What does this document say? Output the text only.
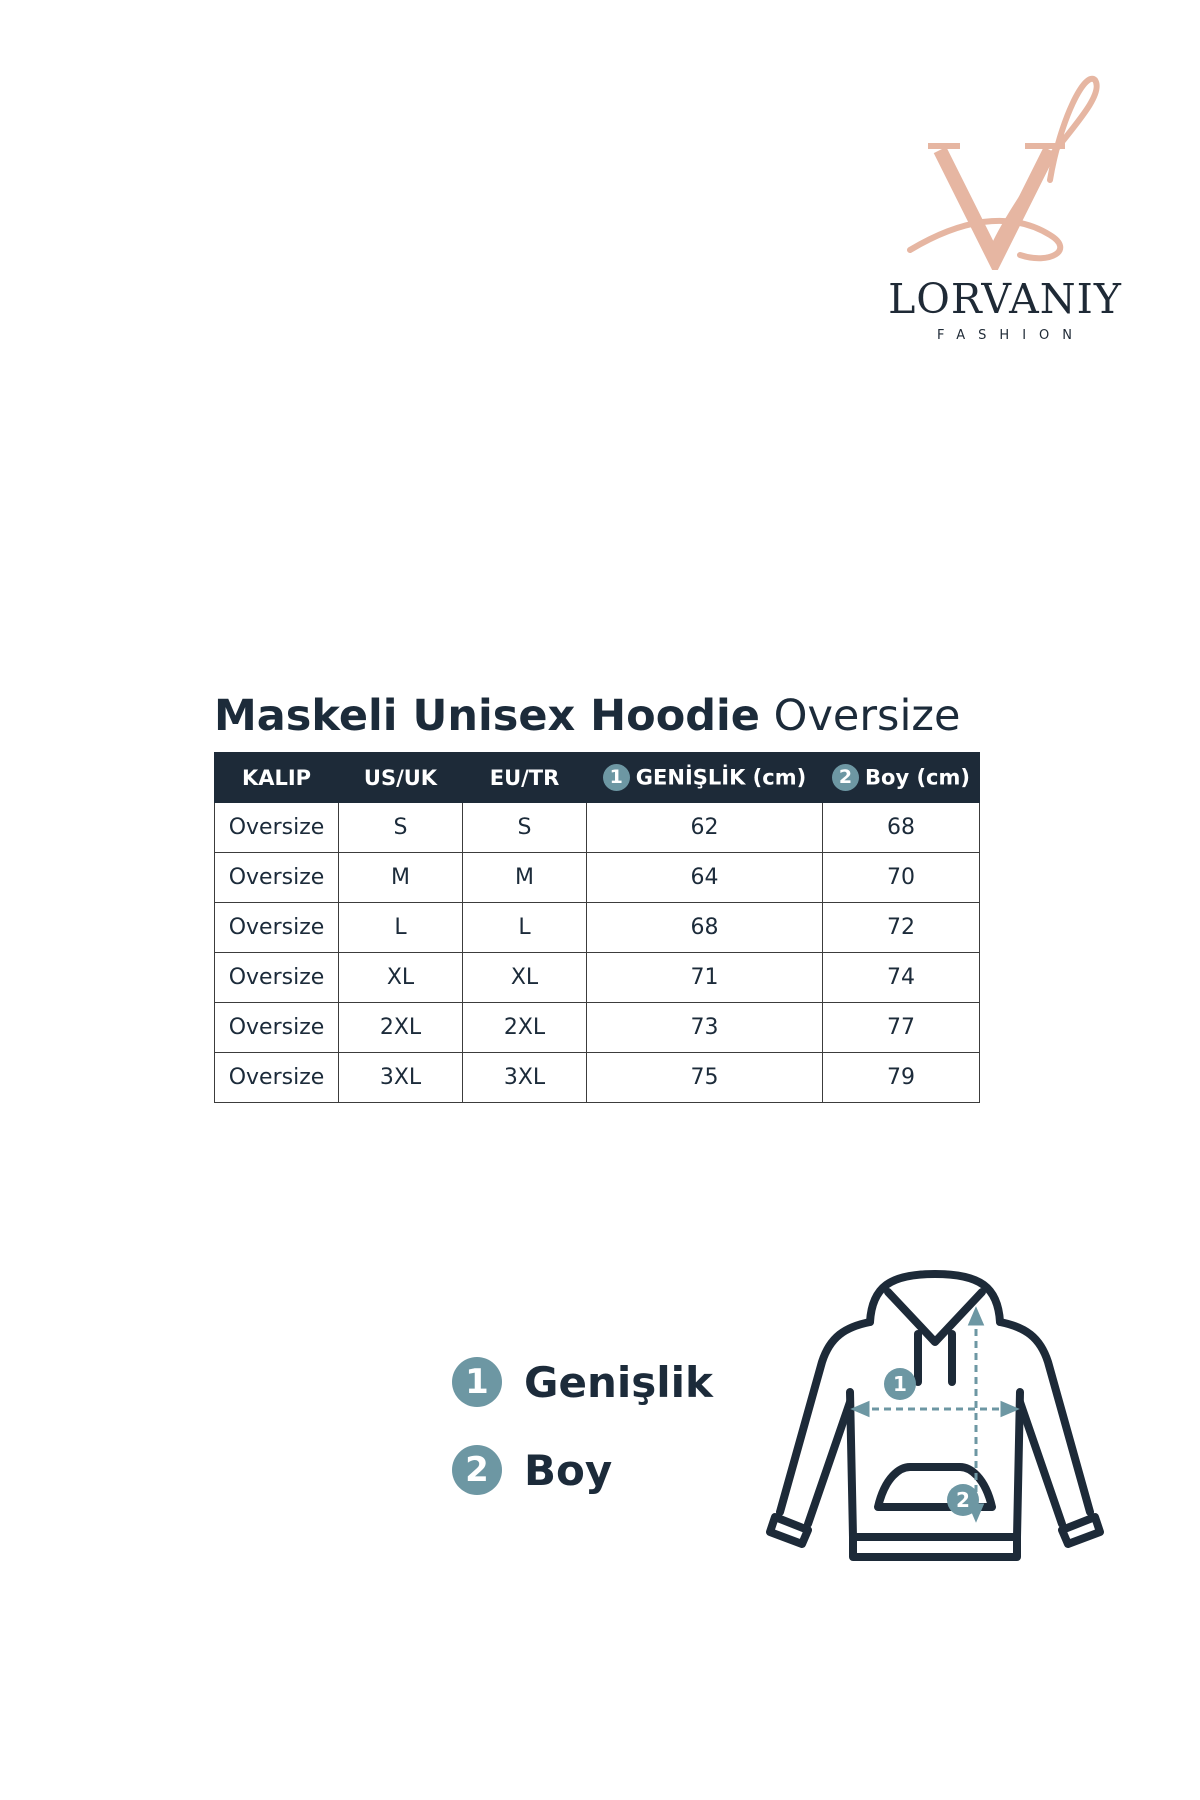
LORVANIY
FASHION
Maskeli Unisex Hoodie Oversize
KALIP	US/UK	EU/TR	1 GENİŞLİK (cm)	2 Boy (cm)
Oversize	S	S	62	68
Oversize	M	M	64	70
Oversize	L	L	68	72
Oversize	XL	XL	71	74
Oversize	2XL	2XL	73	77
Oversize	3XL	3XL	75	79
1 Genişlik
2 Boy
1
2
